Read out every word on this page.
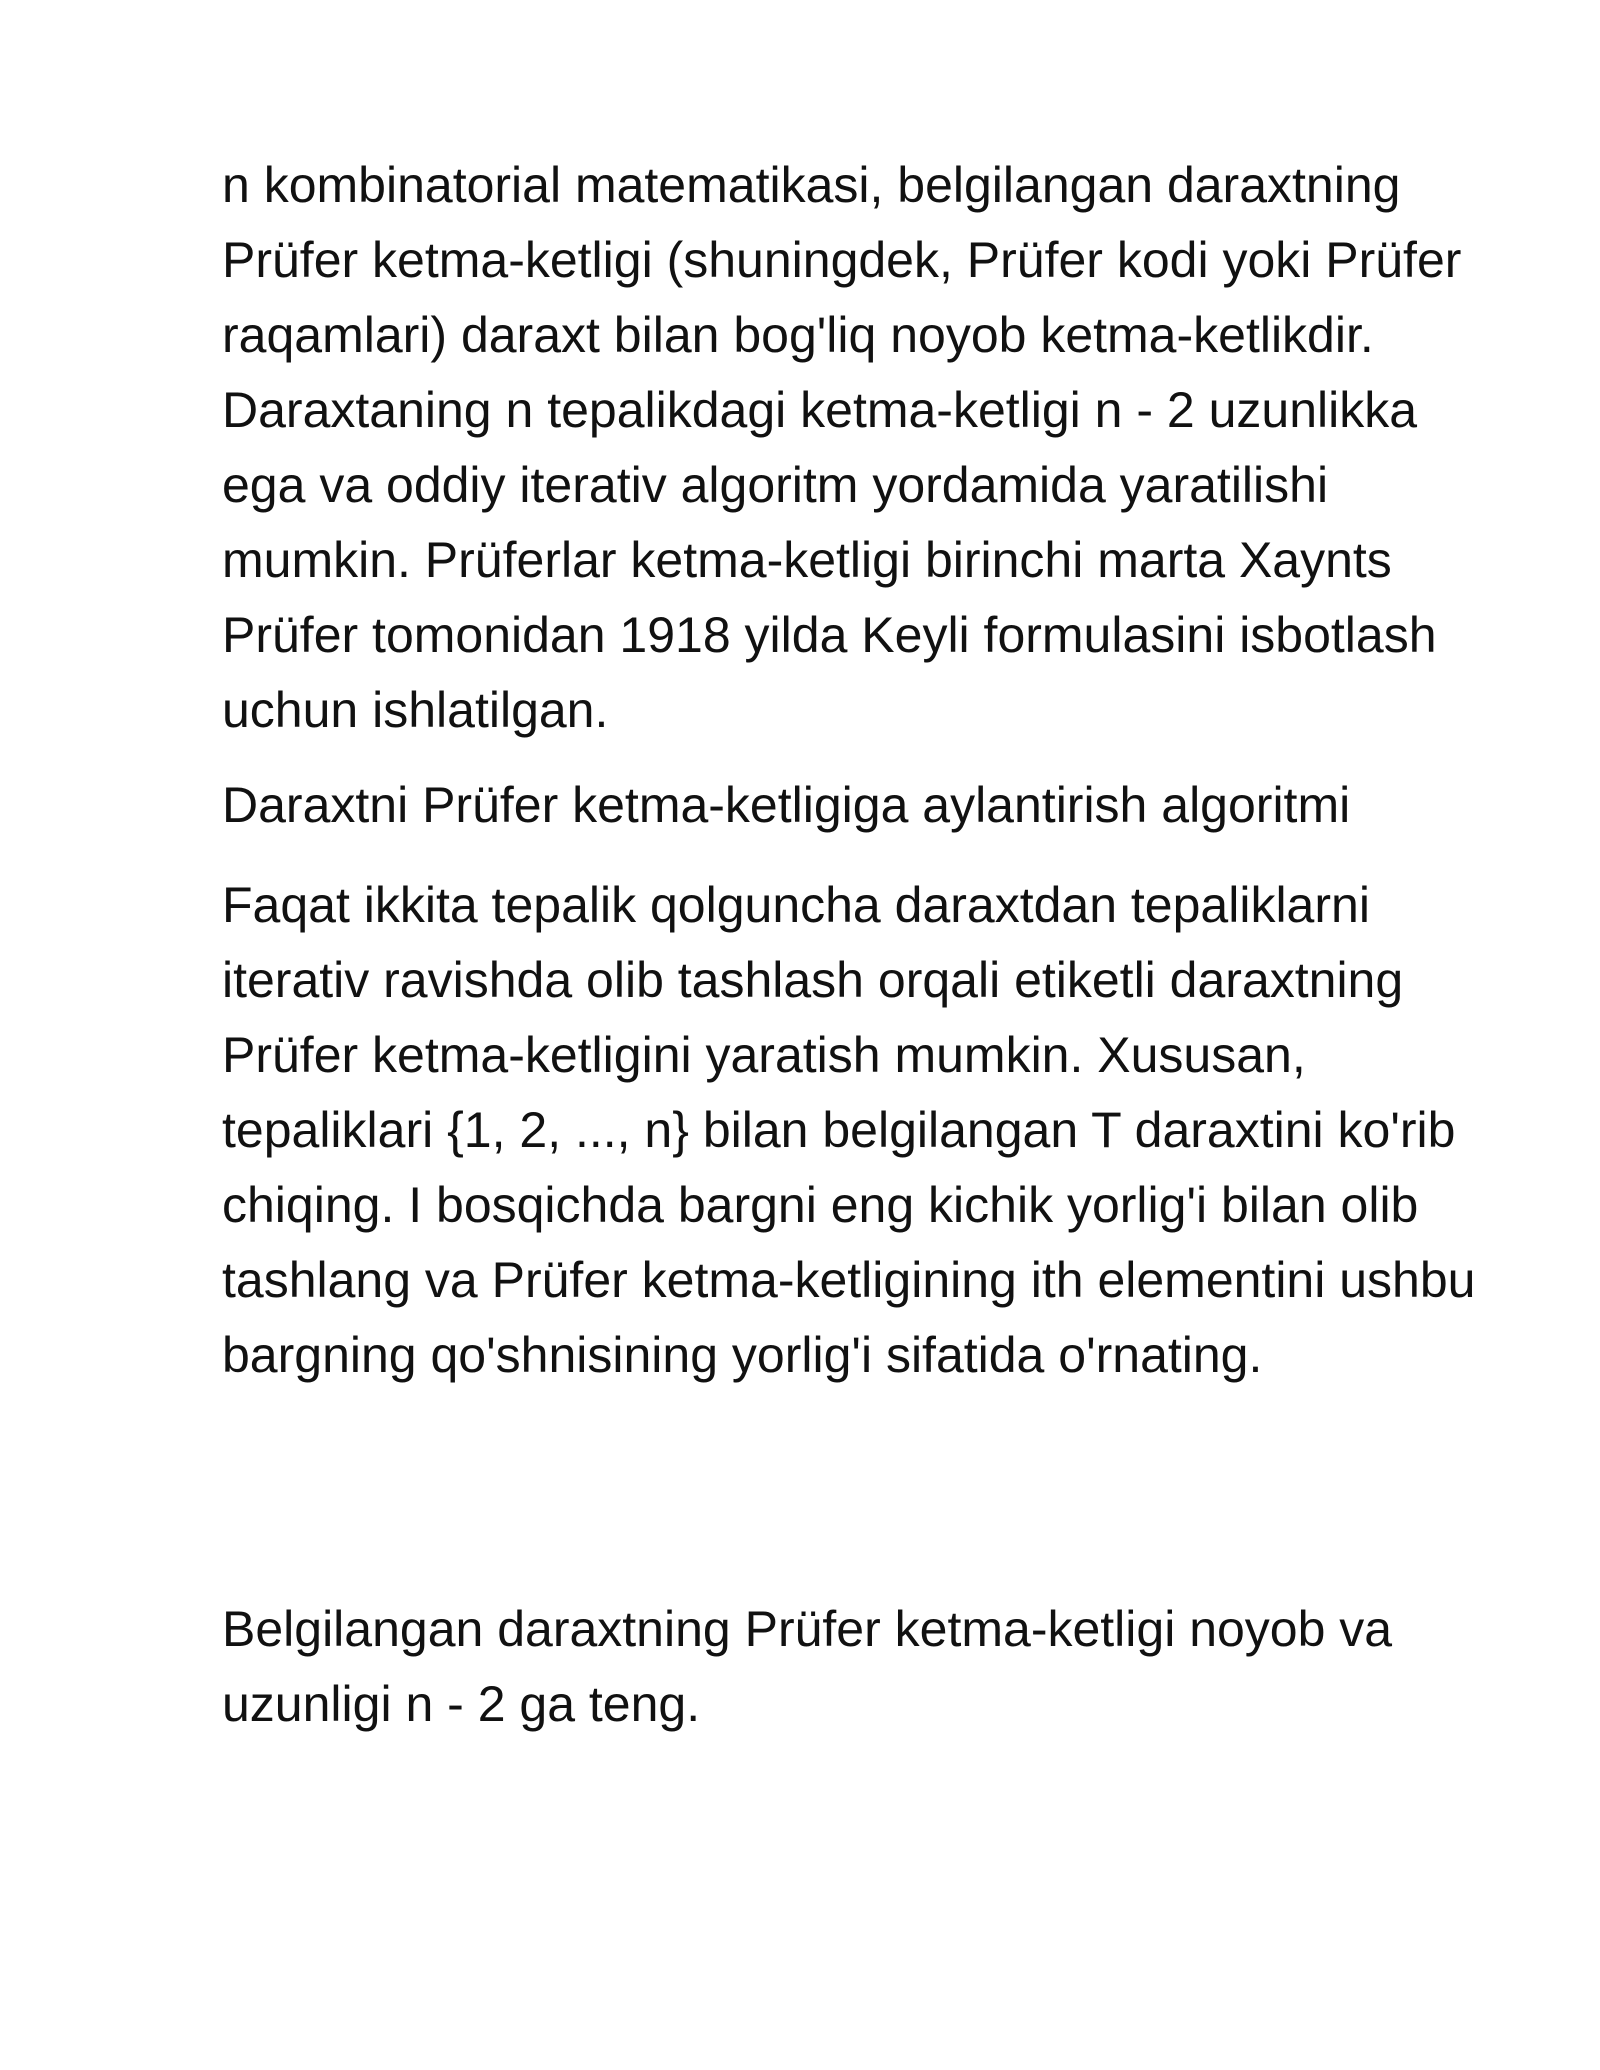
n kombinatorial matematikasi, belgilangan daraxtning Prüfer ketma-ketligi (shuningdek, Prüfer kodi yoki Prüfer raqamlari) daraxt bilan bog'liq noyob ketma-ketlikdir. Daraxtaning n tepalikdagi ketma-ketligi n - 2 uzunlikka ega va oddiy iterativ algoritm yordamida yaratilishi mumkin. Prüferlar ketma-ketligi birinchi marta Xaynts Prüfer tomonidan 1918 yilda Keyli formulasini isbotlash uchun ishlatilgan.

Daraxtni Prüfer ketma-ketligiga aylantirish algoritmi

Faqat ikkita tepalik qolguncha daraxtdan tepaliklarni iterativ ravishda olib tashlash orqali etiketli daraxtning Prüfer ketma-ketligini yaratish mumkin. Xususan, tepaliklari {1, 2, ..., n} bilan belgilangan T daraxtini ko'rib chiqing. I bosqichda bargni eng kichik yorlig'i bilan olib tashlang va Prüfer ketma-ketligining ith elementini ushbu bargning qo'shnisining yorlig'i sifatida o'rnating.

Belgilangan daraxtning Prüfer ketma-ketligi noyob va uzunligi n - 2 ga teng.
